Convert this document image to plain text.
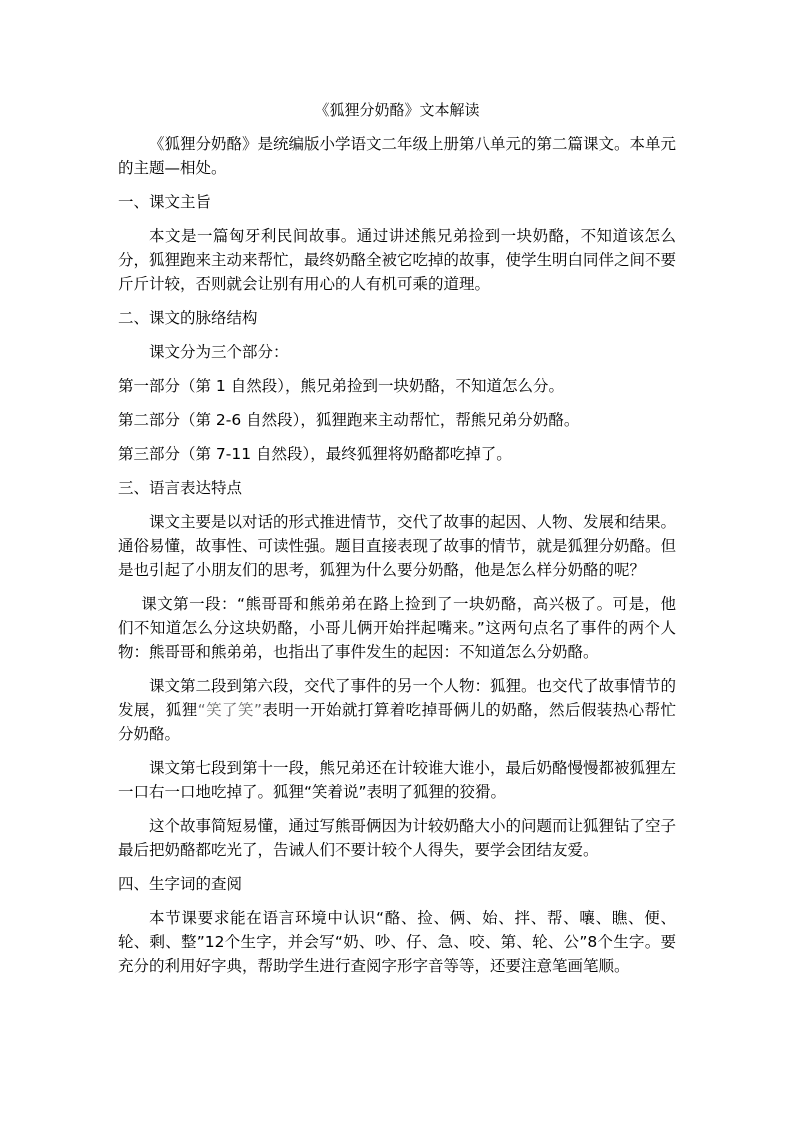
《狐狸分奶酪》文本解读

《狐狸分奶酪》是统编版小学语文二年级上册第八单元的第二篇课文。本单元的主题—相处。

一、课文主旨

本文是一篇匈牙利民间故事。通过讲述熊兄弟捡到一块奶酪，不知道该怎么分，狐狸跑来主动来帮忙，最终奶酪全被它吃掉的故事，使学生明白同伴之间不要斤斤计较，否则就会让别有用心的人有机可乘的道理。

二、课文的脉络结构

课文分为三个部分：

第一部分（第 1 自然段），熊兄弟捡到一块奶酪，不知道怎么分。

第二部分（第 2-6 自然段），狐狸跑来主动帮忙，帮熊兄弟分奶酪。

第三部分（第 7-11 自然段），最终狐狸将奶酪都吃掉了。

三、语言表达特点

课文主要是以对话的形式推进情节，交代了故事的起因、人物、发展和结果。通俗易懂，故事性、可读性强。题目直接表现了故事的情节，就是狐狸分奶酪。但是也引起了小朋友们的思考，狐狸为什么要分奶酪，他是怎么样分奶酪的呢？

课文第一段：“熊哥哥和熊弟弟在路上捡到了一块奶酪，高兴极了。可是，他们不知道怎么分这块奶酪，小哥儿俩开始拌起嘴来。”这两句点名了事件的两个人物：熊哥哥和熊弟弟，也指出了事件发生的起因：不知道怎么分奶酪。

课文第二段到第六段，交代了事件的另一个人物：狐狸。也交代了故事情节的发展，狐狸“笑了笑”表明一开始就打算着吃掉哥俩儿的奶酪，然后假装热心帮忙分奶酪。

课文第七段到第十一段，熊兄弟还在计较谁大谁小，最后奶酪慢慢都被狐狸左一口右一口地吃掉了。狐狸“笑着说”表明了狐狸的狡猾。

这个故事简短易懂，通过写熊哥俩因为计较奶酪大小的问题而让狐狸钻了空子最后把奶酪都吃光了，告诫人们不要计较个人得失，要学会团结友爱。

四、生字词的查阅

本节课要求能在语言环境中认识“酪、捡、俩、始、拌、帮、嚷、瞧、便、轮、剩、整”12个生字，并会写“奶、吵、仔、急、咬、第、轮、公”8个生字。要充分的利用好字典，帮助学生进行查阅字形字音等等，还要注意笔画笔顺。
